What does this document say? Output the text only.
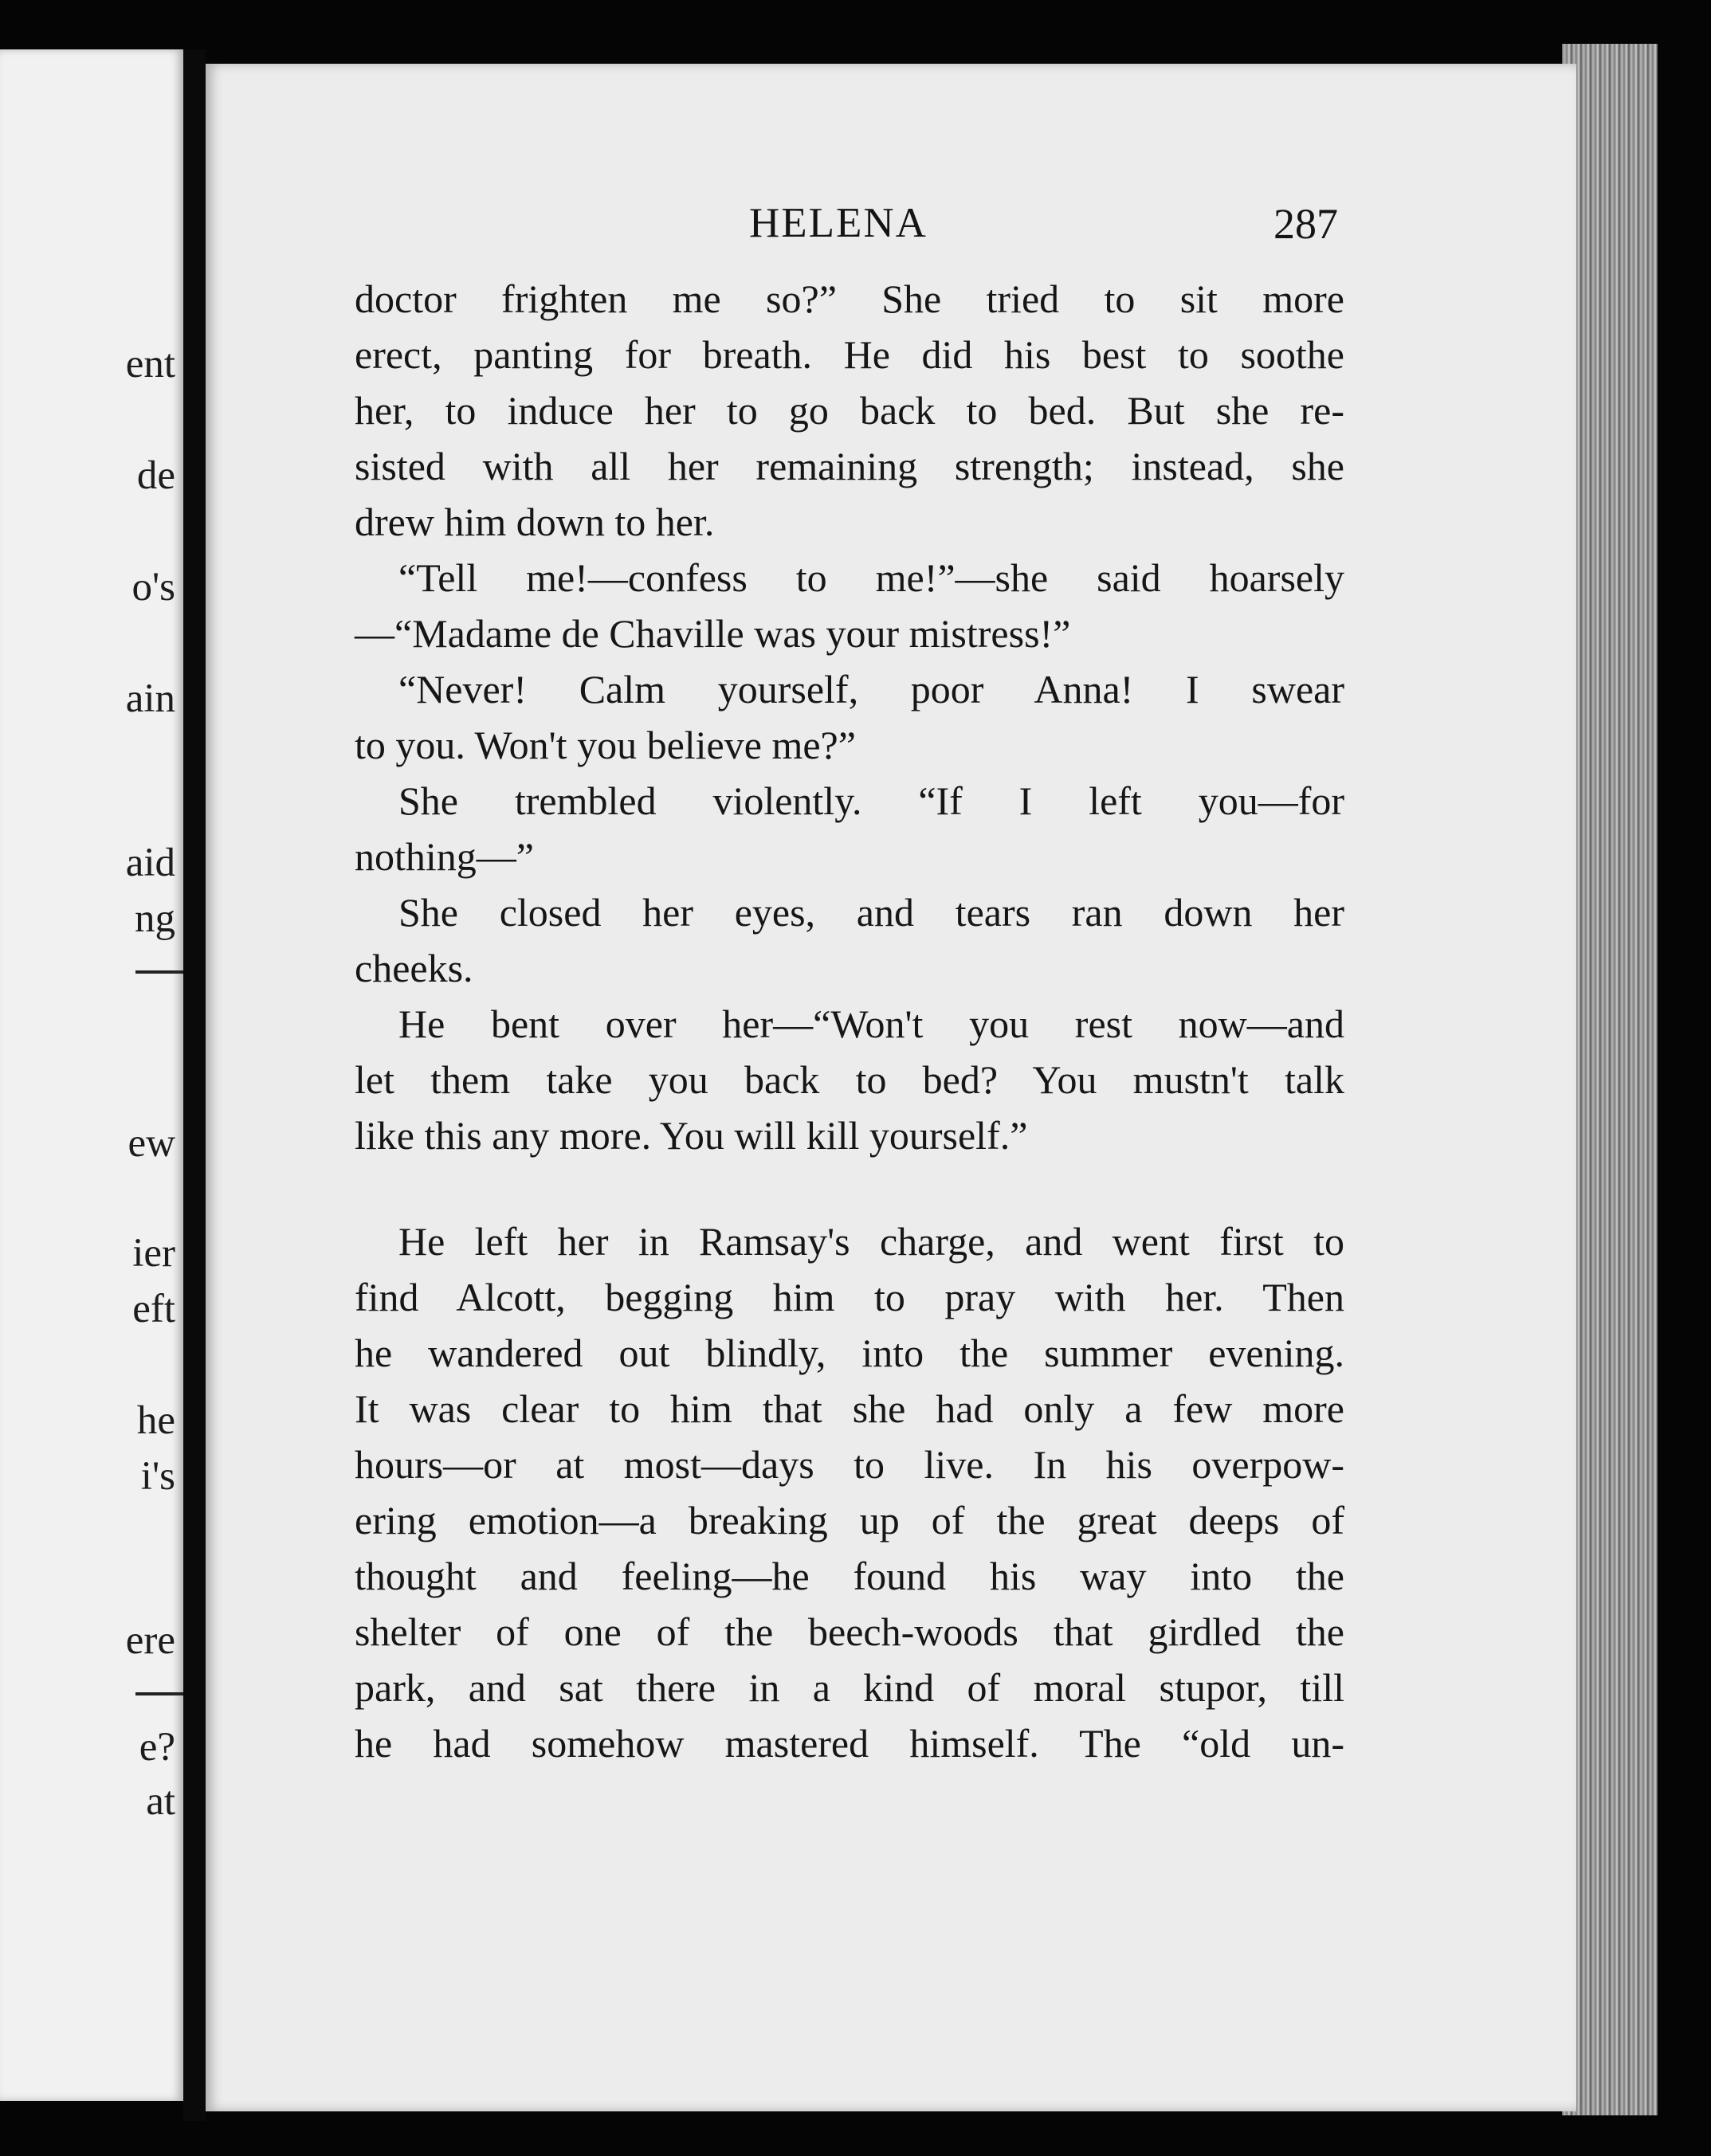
ent
de
o's
ain
aid
ng
ew
ier
eft
he
i's
ere
e?
at
HELENA	287
doctor frighten me so?” She tried to sit more
erect, panting for breath. He did his best to soothe
her, to induce her to go back to bed. But she re-
sisted with all her remaining strength; instead, she
drew him down to her.
“Tell me!—confess to me!”—she said hoarsely
—“Madame de Chaville was your mistress!”
“Never! Calm yourself, poor Anna! I swear
to you. Won't you believe me?”
She trembled violently. “If I left you—for
nothing—”
She closed her eyes, and tears ran down her
cheeks.
He bent over her—“Won't you rest now—and
let them take you back to bed? You mustn't talk
like this any more. You will kill yourself.”
He left her in Ramsay's charge, and went first to
find Alcott, begging him to pray with her. Then
he wandered out blindly, into the summer evening.
It was clear to him that she had only a few more
hours—or at most—days to live. In his overpow-
ering emotion—a breaking up of the great deeps of
thought and feeling—he found his way into the
shelter of one of the beech-woods that girdled the
park, and sat there in a kind of moral stupor, till
he had somehow mastered himself. The “old un-
